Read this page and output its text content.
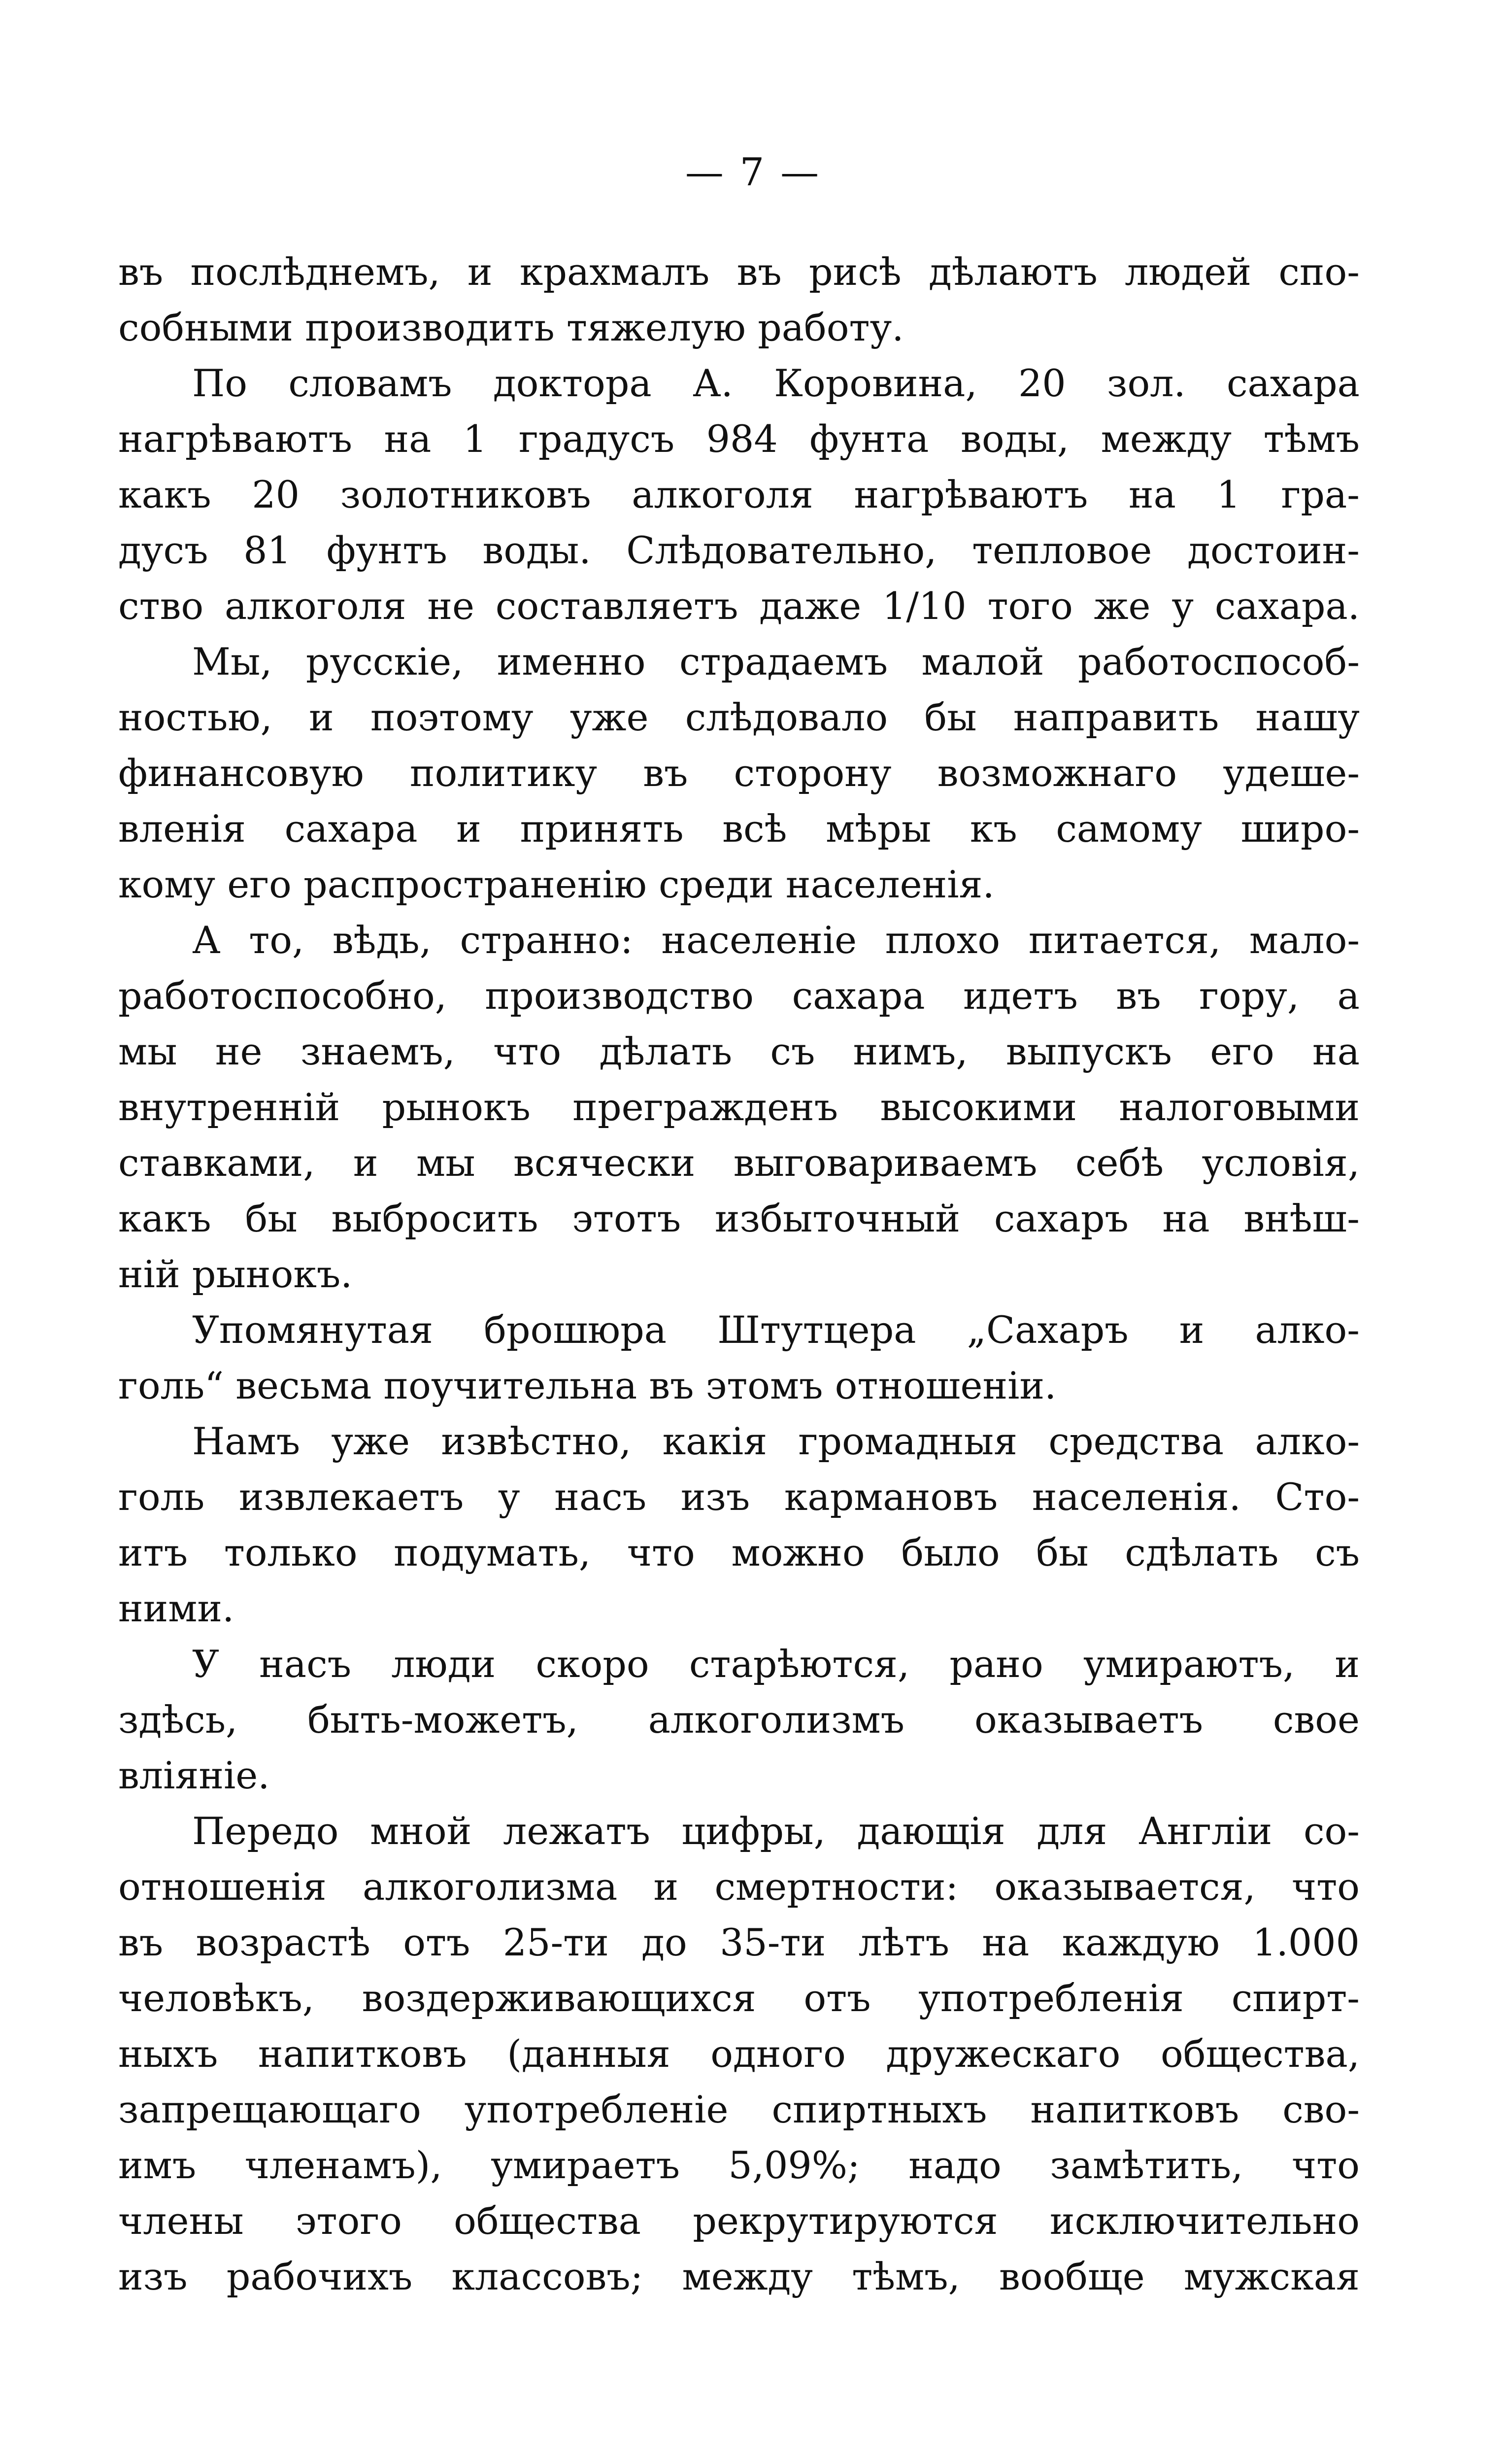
— 7 —
въ послѣднемъ, и крахмалъ въ рисѣ дѣлаютъ людей спо-
собными производить тяжелую работу.
По словамъ доктора А. Коровина, 20 зол. сахара
нагрѣваютъ на 1 градусъ 984 фунта воды, между тѣмъ
какъ 20 золотниковъ алкоголя нагрѣваютъ на 1 гра-
дусъ 81 фунтъ воды. Слѣдовательно, тепловое достоин-
ство алкоголя не составляетъ даже 1/10 того же у сахара.
Мы, русскіе, именно страдаемъ малой работоспособ-
ностью, и поэтому уже слѣдовало бы направить нашу
финансовую политику въ сторону возможнаго удеше-
вленія сахара и принять всѣ мѣры къ самому широ-
кому его распространенію среди населенія.
А то, вѣдь, странно: населеніе плохо питается, мало-
работоспособно, производство сахара идетъ въ гору, а
мы не знаемъ, что дѣлать съ нимъ, выпускъ его на
внутренній рынокъ прегражденъ высокими налоговыми
ставками, и мы всячески выговариваемъ себѣ условія,
какъ бы выбросить этотъ избыточный сахаръ на внѣш-
ній рынокъ.
Упомянутая брошюра Штутцера „Сахаръ и алко-
голь“ весьма поучительна въ этомъ отношеніи.
Намъ уже извѣстно, какія громадныя средства алко-
голь извлекаетъ у насъ изъ кармановъ населенія. Сто-
итъ только подумать, что можно было бы сдѣлать съ
ними.
У насъ люди скоро старѣются, рано умираютъ, и
здѣсь, быть-можетъ, алкоголизмъ оказываетъ свое
вліяніе.
Передо мной лежатъ цифры, дающія для Англіи со-
отношенія алкоголизма и смертности: оказывается, что
въ возрастѣ отъ 25-ти до 35-ти лѣтъ на каждую 1.000
человѣкъ, воздерживающихся отъ употребленія спирт-
ныхъ напитковъ (данныя одного дружескаго общества,
запрещающаго употребленіе спиртныхъ напитковъ сво-
имъ членамъ), умираетъ 5,09%; надо замѣтить, что
члены этого общества рекрутируются исключительно
изъ рабочихъ классовъ; между тѣмъ, вообще мужская
